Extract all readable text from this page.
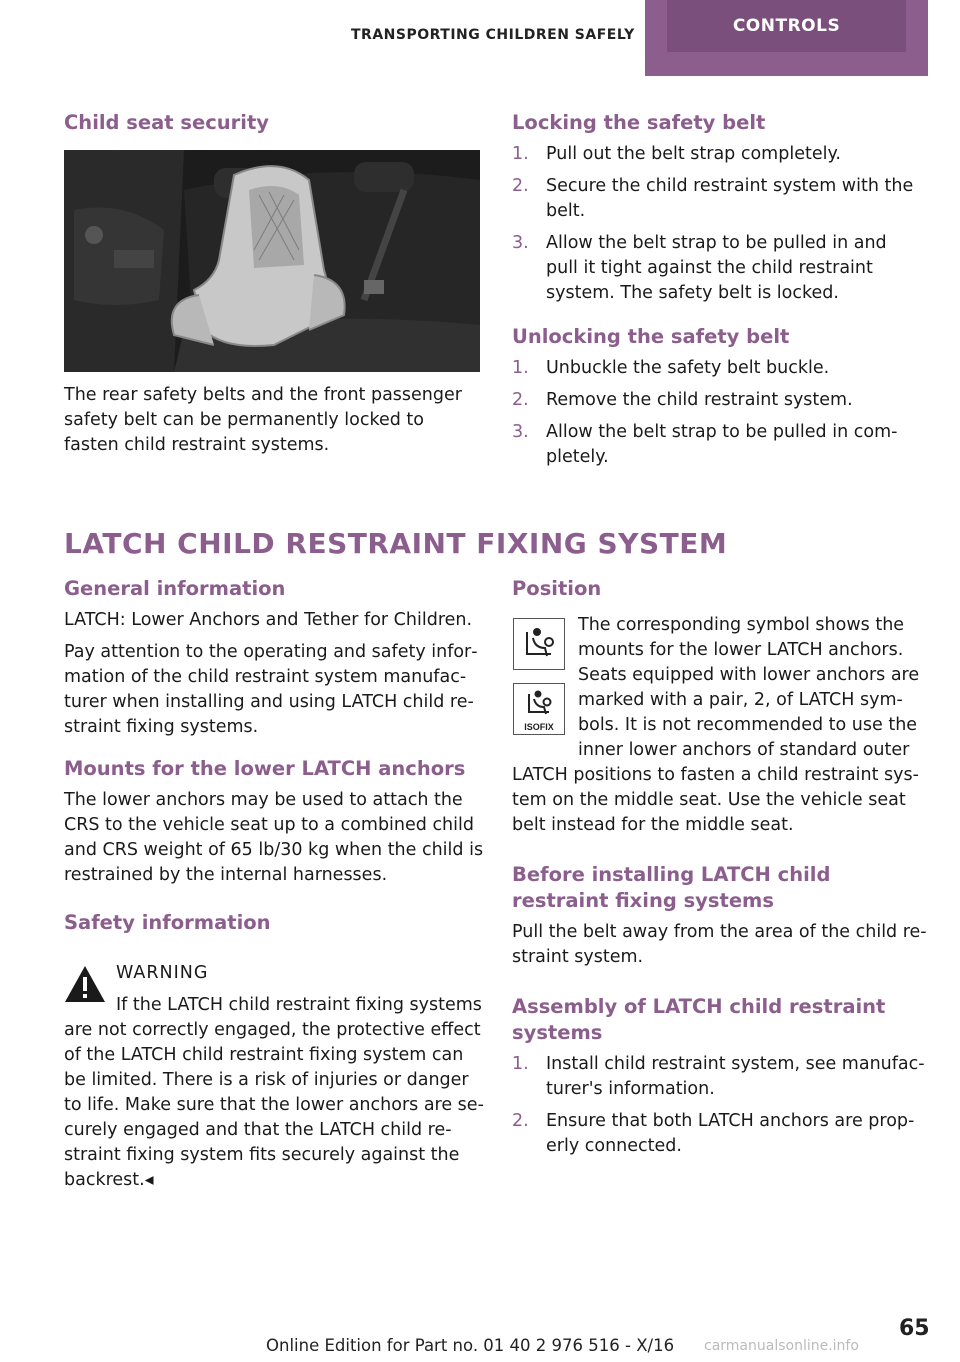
TRANSPORTING CHILDREN SAFELY	CONTROLS
Child seat security

The rear safety belts and the front passenger safety belt can be permanently locked to fasten child restraint systems.

Locking the safety belt
1. Pull out the belt strap completely.
2. Secure the child restraint system with the belt.
3. Allow the belt strap to be pulled in and pull it tight against the child restraint system. The safety belt is locked.
Unlocking the safety belt
1. Unbuckle the safety belt buckle.
2. Remove the child restraint system.
3. Allow the belt strap to be pulled in com‐ pletely.
LATCH CHILD RESTRAINT FIXING SYSTEM
General information

LATCH: Lower Anchors and Tether for Children.

Pay attention to the operating and safety infor‐ mation of the child restraint system manufac‐ turer when installing and using LATCH child re‐ straint fixing systems.

Mounts for the lower LATCH anchors

The lower anchors may be used to attach the CRS to the vehicle seat up to a combined child and CRS weight of 65 lb/30 kg when the child is restrained by the internal harnesses.

Safety information

WARNING

If the LATCH child restraint fixing systems are not correctly engaged, the protective effect of the LATCH child restraint fixing system can be limited. There is a risk of injuries or danger to life. Make sure that the lower anchors are se‐ curely engaged and that the LATCH child re‐ straint fixing system fits securely against the backrest.◂

Position
ISOFIX

The corresponding symbol shows the

mounts for the lower LATCH anchors.

Seats equipped with lower anchors are

marked with a pair, 2, of LATCH sym‐

bols. It is not recommended to use the

inner lower anchors of standard outer

LATCH positions to fasten a child restraint sys‐ tem on the middle seat. Use the vehicle seat belt instead for the middle seat.

Before installing LATCH child restraint fixing systems

Pull the belt away from the area of the child re‐ straint system.

Assembly of LATCH child restraint systems
1. Install child restraint system, see manufac‐ turer's information.
2. Ensure that both LATCH anchors are prop‐ erly connected.
65
Online Edition for Part no. 01 40 2 976 516 - X/16 carmanualsonline.info
